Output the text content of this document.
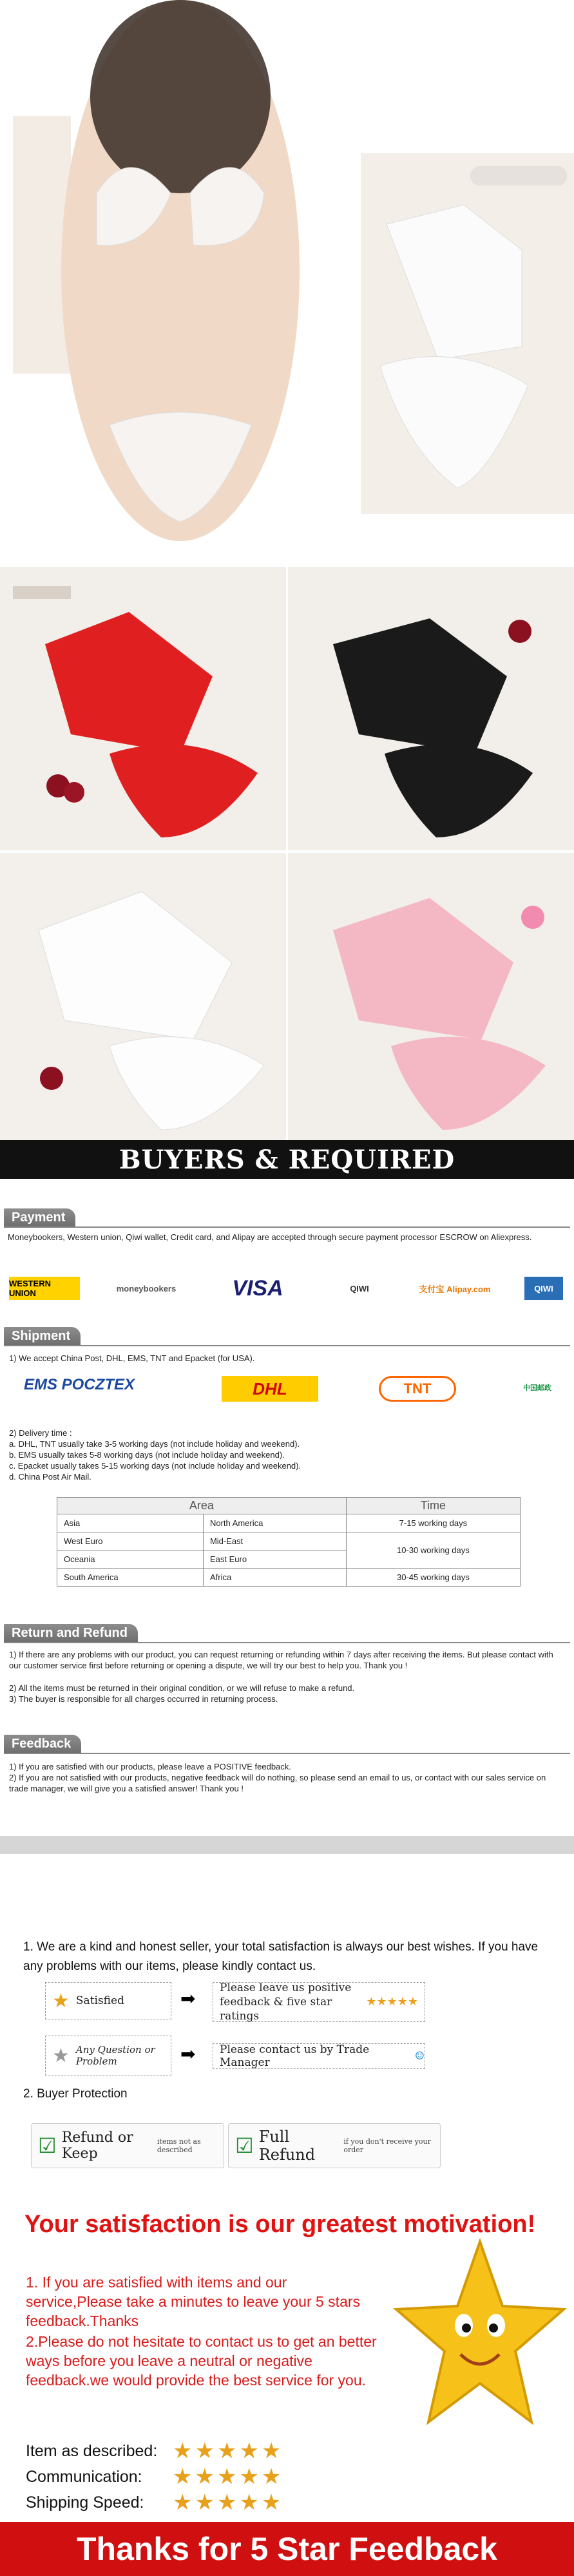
BUYERS & REQUIRED
Payment
Moneybookers, Western union, Qiwi wallet, Credit card, and Alipay are accepted through secure payment processor ESCROW on Aliexpress.
WESTERN UNION	moneybookers	VISA	QIWI	支付宝 Alipay.com	QIWI
Shipment
1) We accept China Post, DHL, EMS, TNT and Epacket (for USA).
EMS POCZTEX	DHL	TNT	中国邮政
2) Delivery time :
a. DHL, TNT usually take 3-5 working days (not include holiday and weekend).
b. EMS usually takes 5-8 working days (not include holiday and weekend).
c. Epacket usually takes 5-15 working days (not include holiday and weekend).
d. China Post Air Mail.
Area		Time
Asia	North America	7-15 working days
West Euro	Mid-East	10-30 working days
Oceania	East Euro	
South America	Africa	30-45 working days
Return and Refund
1) If there are any problems with our product, you can request returning or refunding within 7 days after receiving the items. But please contact with our customer service first before returning or opening a dispute, we will try our best to help you. Thank you !
2) All the items must be returned in their original condition, or we will refuse to make a refund.
3) The buyer is responsible for all charges occurred in returning process.
Feedback
1) If you are satisfied with our products, please leave a POSITIVE feedback.
2) If you are not satisfied with our products, negative feedback will do nothing, so please send an email to us, or contact with our sales service on trade manager, we will give you a satisfied answer! Thank you !
1. We are a kind and honest seller, your total satisfaction is always our best wishes. If you have any problems with our items, please kindly contact us.
★ Satisfied	➡
Please leave us positive feedback & five star ratings
★★★★★
★ Any Question or Problem	➡ Please contact us by Trade Manager	☺
2. Buyer Protection
☑ Refund or Keep
items not as described	☑ Full Refund
if you don't receive your order
Your satisfaction is our greatest motivation!
1. If you are satisfied with items and our service,Please take a minutes to leave your 5 stars feedback.Thanks
2.Please do not hesitate to contact us to get an better ways before you leave a neutral or negative feedback.we would provide the best service for you.
Item as described: ★★★★★
Communication: ★★★★★
Shipping Speed: ★★★★★
Thanks for 5 Star Feedback
